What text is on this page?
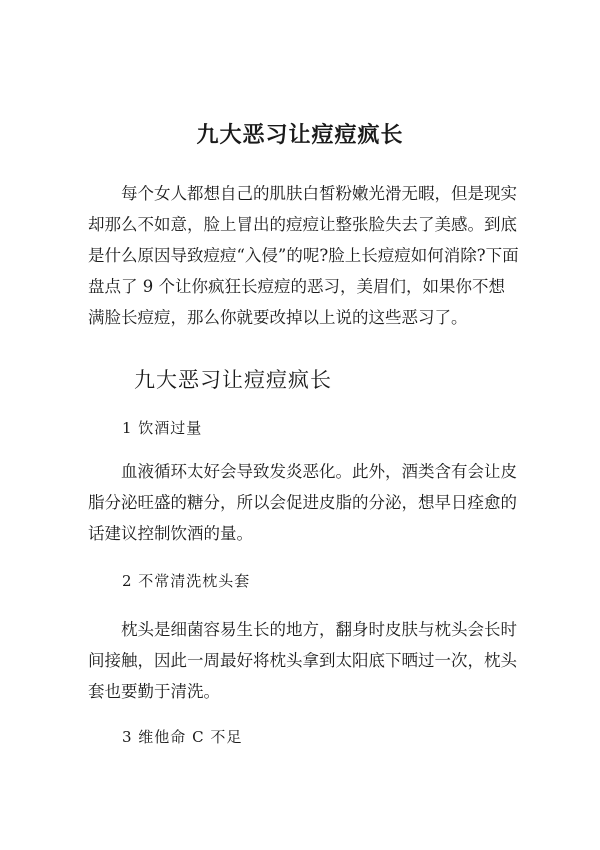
九大恶习让痘痘疯长

每个女人都想自己的肌肤白皙粉嫩光滑无暇，但是现实却那么不如意，脸上冒出的痘痘让整张脸失去了美感。到底是什么原因导致痘痘“入侵”的呢?脸上长痘痘如何消除?下面盘点了 9 个让你疯狂长痘痘的恶习，美眉们，如果你不想满脸长痘痘，那么你就要改掉以上说的这些恶习了。

九大恶习让痘痘疯长
1 饮酒过量

血液循环太好会导致发炎恶化。此外，酒类含有会让皮脂分泌旺盛的糖分，所以会促进皮脂的分泌，想早日痊愈的话建议控制饮酒的量。

2 不常清洗枕头套

枕头是细菌容易生长的地方，翻身时皮肤与枕头会长时间接触，因此一周最好将枕头拿到太阳底下晒过一次，枕头套也要勤于清洗。

3 维他命 C 不足
